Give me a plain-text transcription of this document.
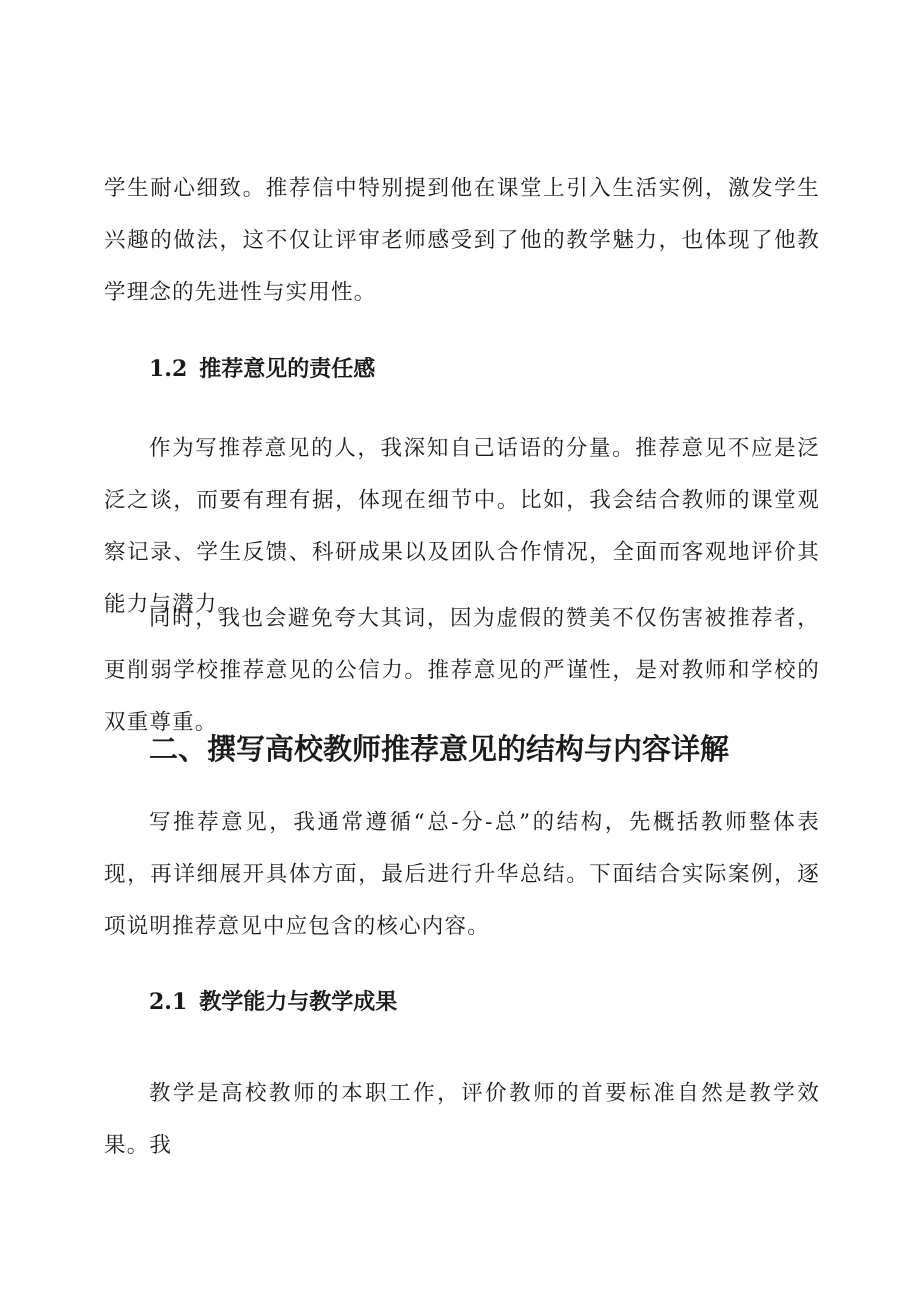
学生耐心细致。推荐信中特别提到他在课堂上引入生活实例，激发学生兴趣的做法，这不仅让评审老师感受到了他的教学魅力，也体现了他教学理念的先进性与实用性。

1.2 推荐意见的责任感

作为写推荐意见的人，我深知自己话语的分量。推荐意见不应是泛泛之谈，而要有理有据，体现在细节中。比如，我会结合教师的课堂观察记录、学生反馈、科研成果以及团队合作情况，全面而客观地评价其能力与潜力。

同时，我也会避免夸大其词，因为虚假的赞美不仅伤害被推荐者，更削弱学校推荐意见的公信力。推荐意见的严谨性，是对教师和学校的双重尊重。

二、撰写高校教师推荐意见的结构与内容详解

写推荐意见，我通常遵循“总-分-总”的结构，先概括教师整体表现，再详细展开具体方面，最后进行升华总结。下面结合实际案例，逐项说明推荐意见中应包含的核心内容。

2.1 教学能力与教学成果

教学是高校教师的本职工作，评价教师的首要标准自然是教学效果。我
